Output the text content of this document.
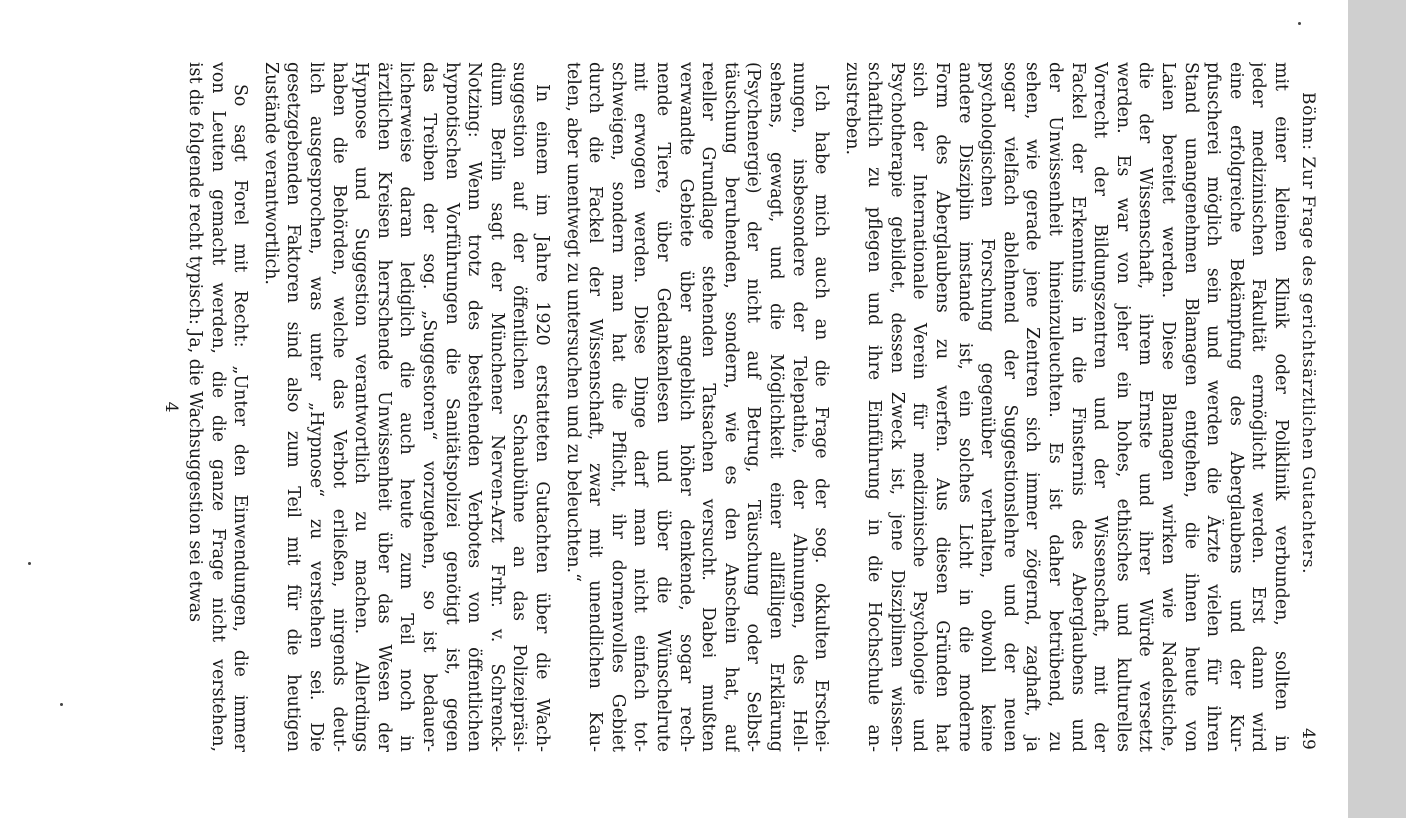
Böhm: Zur Frage des gerichtsärztlichen Gutachters.
49
mit einer kleinen Klinik oder Poliklinik verbunden, sollten in
jeder medizinischen Fakultät ermöglicht werden. Erst dann wird
eine erfolgreiche Bekämpfung des Aberglaubens und der Kur-
pfuscherei möglich sein und werden die Ärzte vielen für ihren
Stand unangenehmen Blamagen entgehen, die ihnen heute von
Laien bereitet werden. Diese Blamagen wirken wie Nadelstiche,
die der Wissenschaft, ihrem Ernste und ihrer Würde versetzt
werden. Es war von jeher ein hohes, ethisches und kulturelles
Vorrecht der Bildungszentren und der Wissenschaft, mit der
Fackel der Erkenntnis in die Finsternis des Aberglaubens und
der Unwissenheit hineinzuleuchten. Es ist daher betrübend, zu
sehen, wie gerade jene Zentren sich immer zögernd, zaghaft, ja
sogar vielfach ablehnend der Suggestionslehre und der neuen
psychologischen Forschung gegenüber verhalten, obwohl keine
andere Disziplin imstande ist, ein solches Licht in die moderne
Form des Aberglaubens zu werfen. Aus diesen Gründen hat
sich der Internationale Verein für medizinische Psychologie und
Psychotherapie gebildet, dessen Zweck ist, jene Disziplinen wissen-
schaftlich zu pflegen und ihre Einführung in die Hochschule an-
zustreben.
Ich habe mich auch an die Frage der sog. okkulten Erschei-
nungen, insbesondere der Telepathie, der Ahnungen, des Hell-
sehens, gewagt, und die Möglichkeit einer allfälligen Erklärung
(Psychenergie) der nicht auf Betrug, Täuschung oder Selbst-
täuschung beruhenden, sondern, wie es den Anschein hat, auf
reeller Grundlage stehenden Tatsachen versucht. Dabei mußten
verwandte Gebiete über angeblich höher denkende, sogar rech-
nende Tiere, über Gedankenlesen und über die Wünschelrute
mit erwogen werden. Diese Dinge darf man nicht einfach tot-
schweigen, sondern man hat die Pflicht, ihr dornenvolles Gebiet
durch die Fackel der Wissenschaft, zwar mit unendlichen Kau-
telen, aber unentwegt zu untersuchen und zu beleuchten.“
In einem im Jahre 1920 erstatteten Gutachten über die Wach-
suggestion auf der öffentlichen Schaubühne an das Polizeipräsi-
dium Berlin sagt der Münchener Nerven-Arzt Frhr. v. Schrenck-
Notzing: Wenn trotz des bestehenden Verbotes von öffentlichen
hypnotischen Vorführungen die Sanitätspolizei genötigt ist, gegen
das Treiben der sog. „Suggestoren“ vorzugehen, so ist bedauer-
licherweise daran lediglich die auch heute zum Teil noch in
ärztlichen Kreisen herrschende Unwissenheit über das Wesen der
Hypnose und Suggestion verantwortlich zu machen. Allerdings
haben die Behörden, welche das Verbot erließen, nirgends deut-
lich ausgesprochen, was unter „Hypnose“ zu verstehen sei. Die
gesetzgebenden Faktoren sind also zum Teil mit für die heutigen
Zustände verantwortlich.
So sagt Forel mit Recht: „Unter den Einwendungen, die immer
von Leuten gemacht werden, die die ganze Frage nicht verstehen,
ist die folgende recht typisch: Ja, die Wachsuggestion sei etwas
4
